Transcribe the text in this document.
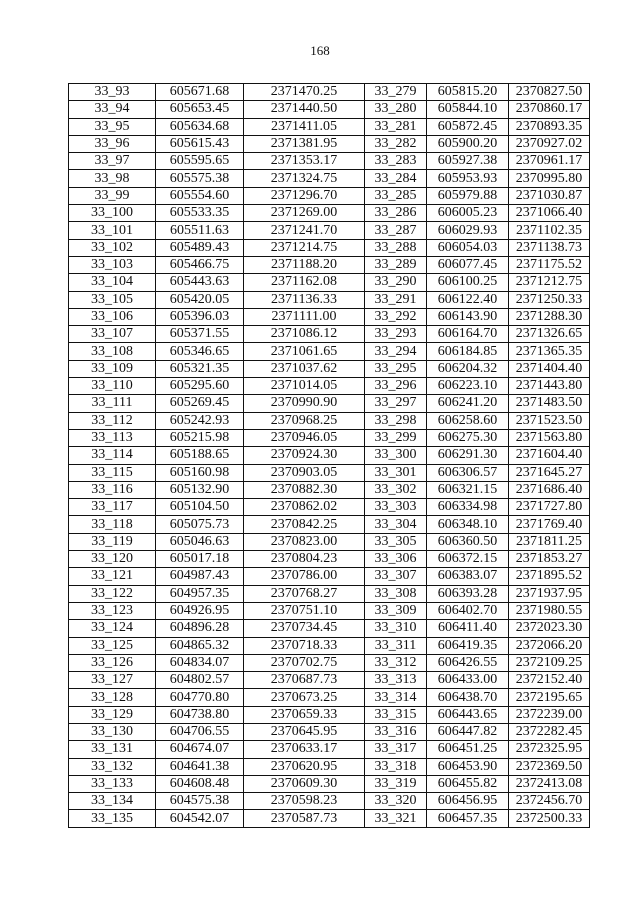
168
33_93	605671.68	2371470.25	33_279	605815.20	2370827.50
33_94	605653.45	2371440.50	33_280	605844.10	2370860.17
33_95	605634.68	2371411.05	33_281	605872.45	2370893.35
33_96	605615.43	2371381.95	33_282	605900.20	2370927.02
33_97	605595.65	2371353.17	33_283	605927.38	2370961.17
33_98	605575.38	2371324.75	33_284	605953.93	2370995.80
33_99	605554.60	2371296.70	33_285	605979.88	2371030.87
33_100	605533.35	2371269.00	33_286	606005.23	2371066.40
33_101	605511.63	2371241.70	33_287	606029.93	2371102.35
33_102	605489.43	2371214.75	33_288	606054.03	2371138.73
33_103	605466.75	2371188.20	33_289	606077.45	2371175.52
33_104	605443.63	2371162.08	33_290	606100.25	2371212.75
33_105	605420.05	2371136.33	33_291	606122.40	2371250.33
33_106	605396.03	2371111.00	33_292	606143.90	2371288.30
33_107	605371.55	2371086.12	33_293	606164.70	2371326.65
33_108	605346.65	2371061.65	33_294	606184.85	2371365.35
33_109	605321.35	2371037.62	33_295	606204.32	2371404.40
33_110	605295.60	2371014.05	33_296	606223.10	2371443.80
33_111	605269.45	2370990.90	33_297	606241.20	2371483.50
33_112	605242.93	2370968.25	33_298	606258.60	2371523.50
33_113	605215.98	2370946.05	33_299	606275.30	2371563.80
33_114	605188.65	2370924.30	33_300	606291.30	2371604.40
33_115	605160.98	2370903.05	33_301	606306.57	2371645.27
33_116	605132.90	2370882.30	33_302	606321.15	2371686.40
33_117	605104.50	2370862.02	33_303	606334.98	2371727.80
33_118	605075.73	2370842.25	33_304	606348.10	2371769.40
33_119	605046.63	2370823.00	33_305	606360.50	2371811.25
33_120	605017.18	2370804.23	33_306	606372.15	2371853.27
33_121	604987.43	2370786.00	33_307	606383.07	2371895.52
33_122	604957.35	2370768.27	33_308	606393.28	2371937.95
33_123	604926.95	2370751.10	33_309	606402.70	2371980.55
33_124	604896.28	2370734.45	33_310	606411.40	2372023.30
33_125	604865.32	2370718.33	33_311	606419.35	2372066.20
33_126	604834.07	2370702.75	33_312	606426.55	2372109.25
33_127	604802.57	2370687.73	33_313	606433.00	2372152.40
33_128	604770.80	2370673.25	33_314	606438.70	2372195.65
33_129	604738.80	2370659.33	33_315	606443.65	2372239.00
33_130	604706.55	2370645.95	33_316	606447.82	2372282.45
33_131	604674.07	2370633.17	33_317	606451.25	2372325.95
33_132	604641.38	2370620.95	33_318	606453.90	2372369.50
33_133	604608.48	2370609.30	33_319	606455.82	2372413.08
33_134	604575.38	2370598.23	33_320	606456.95	2372456.70
33_135	604542.07	2370587.73	33_321	606457.35	2372500.33
